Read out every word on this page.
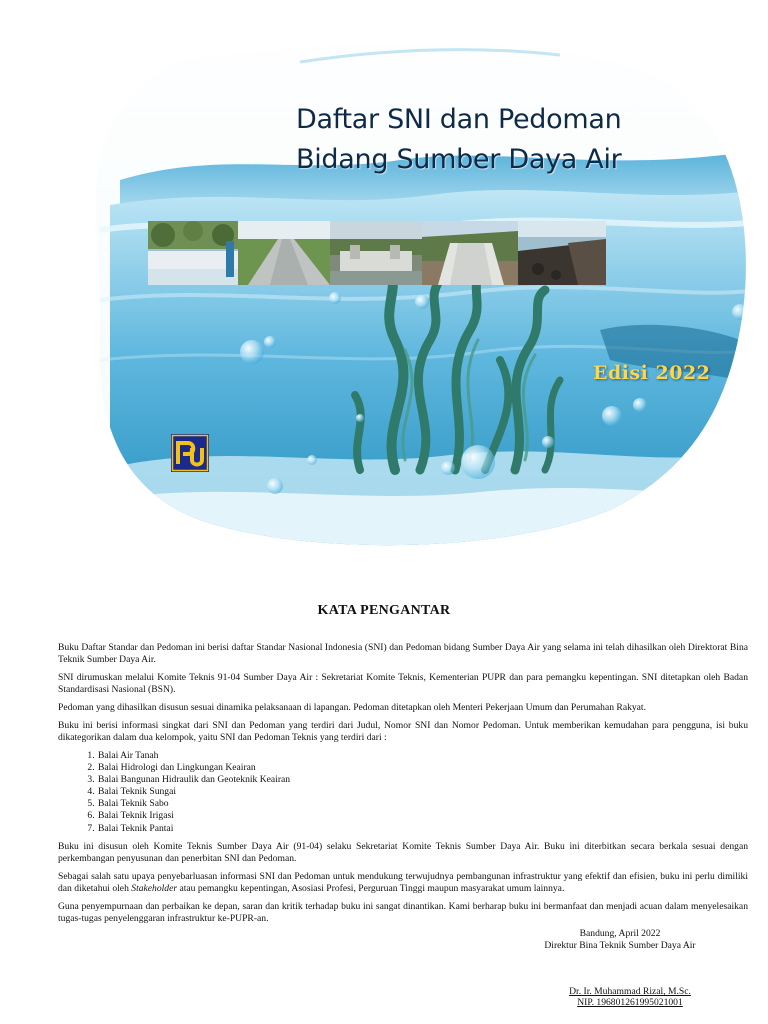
Daftar SNI dan Pedoman
Bidang Sumber Daya Air
Edisi 2022
KATA PENGANTAR

Buku Daftar Standar dan Pedoman ini berisi daftar Standar Nasional Indonesia (SNI) dan Pedoman bidang Sumber Daya Air yang selama ini telah dihasilkan oleh Direktorat Bina Teknik Sumber Daya Air.

SNI dirumuskan melalui Komite Teknis 91-04 Sumber Daya Air : Sekretariat Komite Teknis, Kementerian PUPR dan para pemangku kepentingan. SNI ditetapkan oleh Badan Standardisasi Nasional (BSN).

Pedoman yang dihasilkan disusun sesuai dinamika pelaksanaan di lapangan. Pedoman ditetapkan oleh Menteri Pekerjaan Umum dan Perumahan Rakyat.

Buku ini berisi informasi singkat dari SNI dan Pedoman yang terdiri dari Judul, Nomor SNI dan Nomor Pedoman. Untuk memberikan kemudahan para pengguna, isi buku dikategorikan dalam dua kelompok, yaitu SNI dan Pedoman Teknis yang terdiri dari :

1. Balai Air Tanah
2. Balai Hidrologi dan Lingkungan Keairan
3. Balai Bangunan Hidraulik dan Geoteknik Keairan
4. Balai Teknik Sungai
5. Balai Teknik Sabo
6. Balai Teknik Irigasi
7. Balai Teknik Pantai

Buku ini disusun oleh Komite Teknis Sumber Daya Air (91-04) selaku Sekretariat Komite Teknis Sumber Daya Air. Buku ini diterbitkan secara berkala sesuai dengan perkembangan penyusunan dan penerbitan SNI dan Pedoman.

Sebagai salah satu upaya penyebarluasan informasi SNI dan Pedoman untuk mendukung terwujudnya pembangunan infrastruktur yang efektif dan efisien, buku ini perlu dimiliki dan diketahui oleh Stakeholder atau pemangku kepentingan, Asosiasi Profesi, Perguruan Tinggi maupun masyarakat umum lainnya.

Guna penyempurnaan dan perbaikan ke depan, saran dan kritik terhadap buku ini sangat dinantikan. Kami berharap buku ini bermanfaat dan menjadi acuan dalam menyelesaikan tugas-tugas penyelenggaran infrastruktur ke-PUPR-an.

Bandung, April 2022
Direktur Bina Teknik Sumber Daya Air
Dr. Ir. Muhammad Rizal, M.Sc.
NIP. 196801261995021001
